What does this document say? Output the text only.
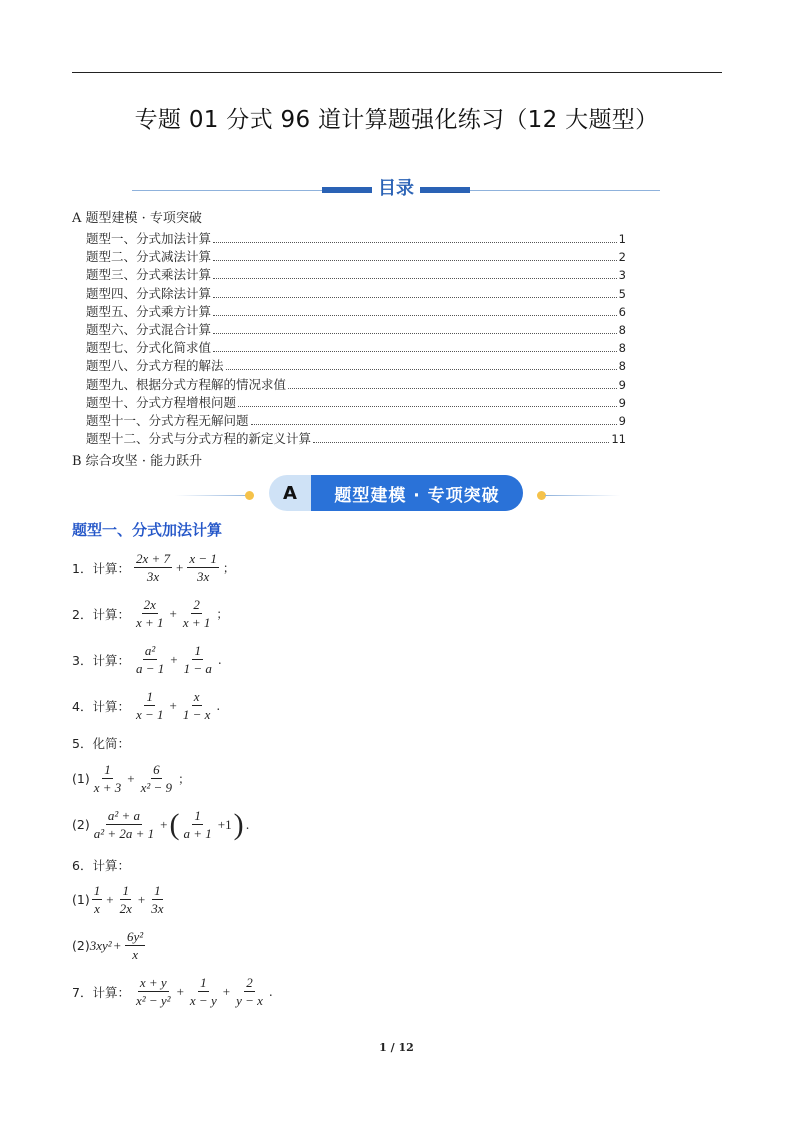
专题 01 分式 96 道计算题强化练习（12 大题型）
目录
A 题型建模 · 专项突破
题型一、分式加法计算	1
题型二、分式减法计算	2
题型三、分式乘法计算	3
题型四、分式除法计算	5
题型五、分式乘方计算	6
题型六、分式混合计算	8
题型七、分式化简求值	8
题型八、分式方程的解法	8
题型九、根据分式方程解的情况求值	9
题型十、分式方程增根问题	9
题型十一、分式方程无解问题	9
题型十二、分式与分式方程的新定义计算	11
B 综合攻坚 · 能力跃升
A	题型建模 · 专项突破
题型一、分式加法计算
1．计算： $\frac{2x + 7}{3x} + \frac{x - 1}{3x}$ ；
2．计算： $\frac{2x}{x + 1} + \frac{2}{x + 1}$ ；
3．计算： $\frac{\text{a²}}{a - 1} + \frac{1}{1 - a}$ .
4．计算： $\frac{1}{x - 1} + \frac{x}{1 - x}$ .
5．化简：
$(1) \frac{1}{x + 3} + \frac{6}{\text{x² − 9}}$ ；
$(2) \frac{\text{a² + a}}{\text{a² + 2a + 1}}$ + ( $\frac{1}{a + 1} +1$ ) .
6．计算：
$(1) \frac{1}{x} + \frac{1}{2x} + \frac{1}{3x}$
(2) $3xy^2 + \frac{\text{6y²}}{x}$
7．计算： $\frac{x + y}{\text{x² − y²}} + \frac{1}{x - y} + \frac{2}{y - x}$ .
1 / 12
